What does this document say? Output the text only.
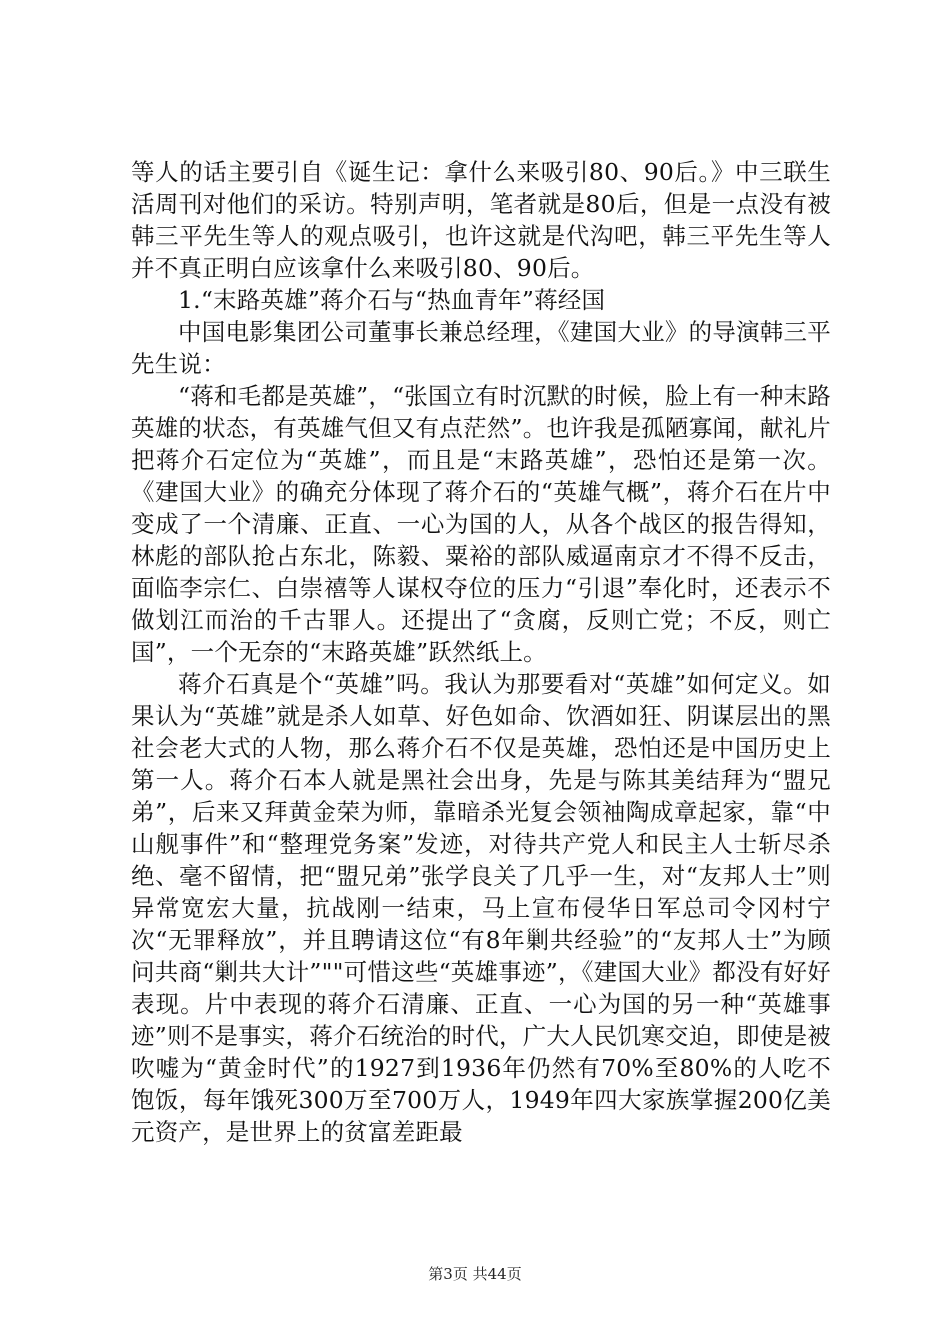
等人的话主要引自《诞生记：拿什么来吸引80、90后。》中三联生活周刊对他们的采访。特别声明，笔者就是80后，但是一点没有被韩三平先生等人的观点吸引，也许这就是代沟吧，韩三平先生等人并不真正明白应该拿什么来吸引80、90后。

1.“末路英雄”蒋介石与“热血青年”蒋经国

中国电影集团公司董事长兼总经理，《建国大业》的导演韩三平先生说：

“蒋和毛都是英雄”，“张国立有时沉默的时候，脸上有一种末路英雄的状态，有英雄气但又有点茫然”。也许我是孤陋寡闻，献礼片把蒋介石定位为“英雄”，而且是“末路英雄”，恐怕还是第一次。《建国大业》的确充分体现了蒋介石的“英雄气概”，蒋介石在片中变成了一个清廉、正直、一心为国的人，从各个战区的报告得知，林彪的部队抢占东北，陈毅、粟裕的部队威逼南京才不得不反击，面临李宗仁、白崇禧等人谋权夺位的压力“引退”奉化时，还表示不做划江而治的千古罪人。还提出了“贪腐，反则亡党；不反，则亡国”，一个无奈的“末路英雄”跃然纸上。

蒋介石真是个“英雄”吗。我认为那要看对“英雄”如何定义。如果认为“英雄”就是杀人如草、好色如命、饮酒如狂、阴谋层出的黑社会老大式的人物，那么蒋介石不仅是英雄，恐怕还是中国历史上第一人。蒋介石本人就是黑社会出身，先是与陈其美结拜为“盟兄弟”，后来又拜黄金荣为师，靠暗杀光复会领袖陶成章起家，靠“中山舰事件”和“整理党务案”发迹，对待共产党人和民主人士斩尽杀绝、毫不留情，把“盟兄弟”张学良关了几乎一生，对“友邦人士”则异常宽宏大量，抗战刚一结束，马上宣布侵华日军总司令冈村宁次“无罪释放”，并且聘请这位“有8年剿共经验”的“友邦人士”为顾问共商“剿共大计”""可惜这些“英雄事迹”，《建国大业》都没有好好表现。片中表现的蒋介石清廉、正直、一心为国的另一种“英雄事迹”则不是事实，蒋介石统治的时代，广大人民饥寒交迫，即使是被吹嘘为“黄金时代”的1927到1936年仍然有70%至80%的人吃不饱饭，每年饿死300万至700万人，1949年四大家族掌握200亿美元资产，是世界上的贫富差距最

第3页 共44页
